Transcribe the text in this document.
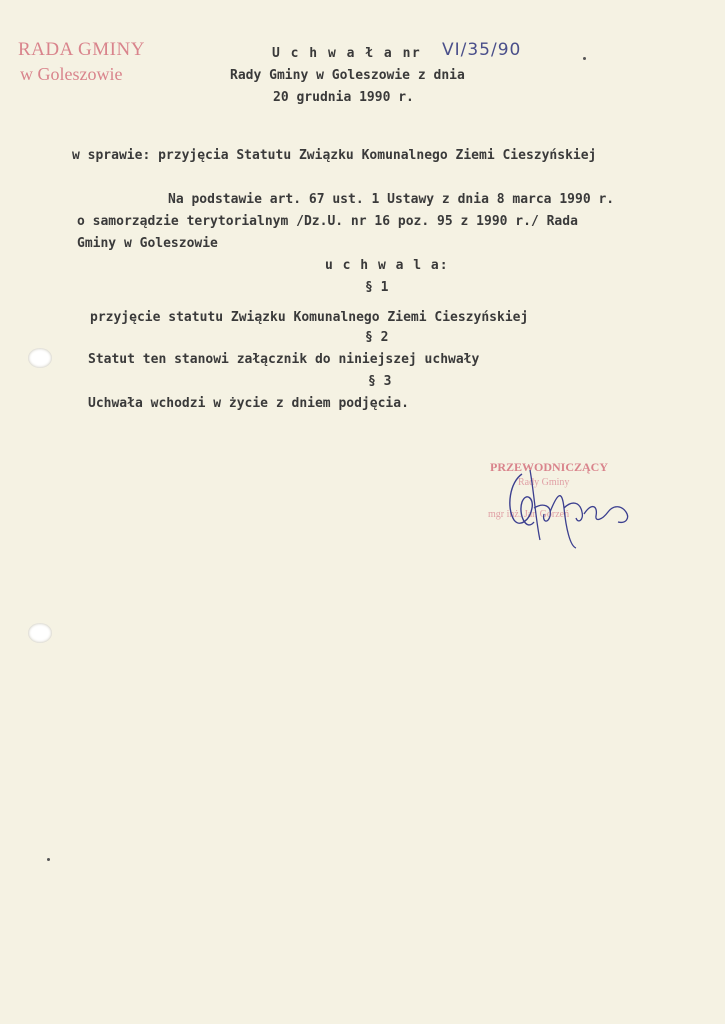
RADA GMINY
w Goleszowie
U c h w a ł a nr VI/35/90
Rady Gminy w Goleszowie z dnia
20 grudnia 1990 r.
w sprawie: przyjęcia Statutu Związku Komunalnego Ziemi Cieszyńskiej
Na podstawie art. 67 ust. 1 Ustawy z dnia 8 marca 1990 r.
o samorządzie terytorialnym /Dz.U. nr 16 poz. 95 z 1990 r./ Rada
Gminy w Goleszowie
u c h w a l a:
§ 1
przyjęcie statutu Związku Komunalnego Ziemi Cieszyńskiej
§ 2
Statut ten stanowi załącznik do niniejszej uchwały
§ 3
Uchwała wchodzi w życie z dniem podjęcia.
PRZEWODNICZĄCY
Rady Gminy
mgr inż. Jan Gorzeń
